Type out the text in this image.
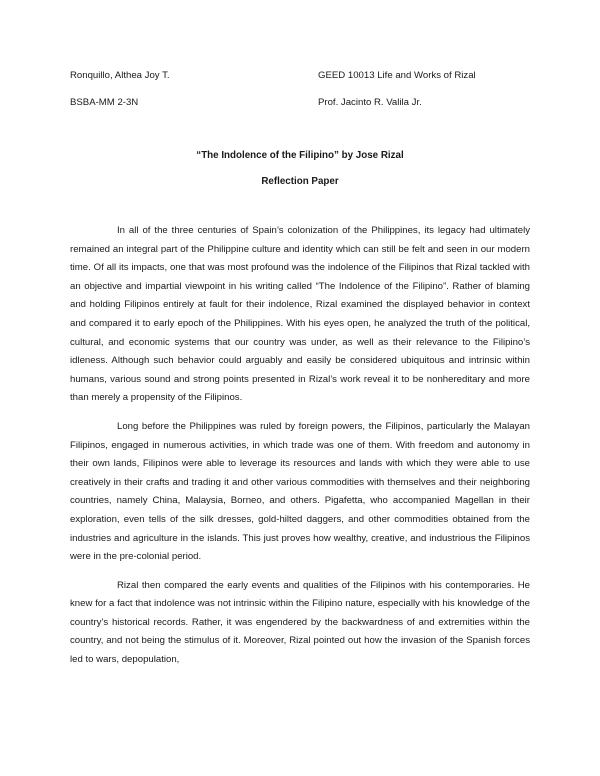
Ronquillo, Althea Joy T.	GEED 10013 Life and Works of Rizal
BSBA-MM 2-3N	Prof. Jacinto R. Valila Jr.
“The Indolence of the Filipino” by Jose Rizal
Reflection Paper

In all of the three centuries of Spain’s colonization of the Philippines, its legacy had ultimately remained an integral part of the Philippine culture and identity which can still be felt and seen in our modern time. Of all its impacts, one that was most profound was the indolence of the Filipinos that Rizal tackled with an objective and impartial viewpoint in his writing called “The Indolence of the Filipino”. Rather of blaming and holding Filipinos entirely at fault for their indolence, Rizal examined the displayed behavior in context and compared it to early epoch of the Philippines. With his eyes open, he analyzed the truth of the political, cultural, and economic systems that our country was under, as well as their relevance to the Filipino’s idleness. Although such behavior could arguably and easily be considered ubiquitous and intrinsic within humans, various sound and strong points presented in Rizal’s work reveal it to be nonhereditary and more than merely a propensity of the Filipinos.

Long before the Philippines was ruled by foreign powers, the Filipinos, particularly the Malayan Filipinos, engaged in numerous activities, in which trade was one of them. With freedom and autonomy in their own lands, Filipinos were able to leverage its resources and lands with which they were able to use creatively in their crafts and trading it and other various commodities with themselves and their neighboring countries, namely China, Malaysia, Borneo, and others. Pigafetta, who accompanied Magellan in their exploration, even tells of the silk dresses, gold-hilted daggers, and other commodities obtained from the industries and agriculture in the islands. This just proves how wealthy, creative, and industrious the Filipinos were in the pre-colonial period.

Rizal then compared the early events and qualities of the Filipinos with his contemporaries. He knew for a fact that indolence was not intrinsic within the Filipino nature, especially with his knowledge of the country’s historical records. Rather, it was engendered by the backwardness of and extremities within the country, and not being the stimulus of it. Moreover, Rizal pointed out how the invasion of the Spanish forces led to wars, depopulation,
